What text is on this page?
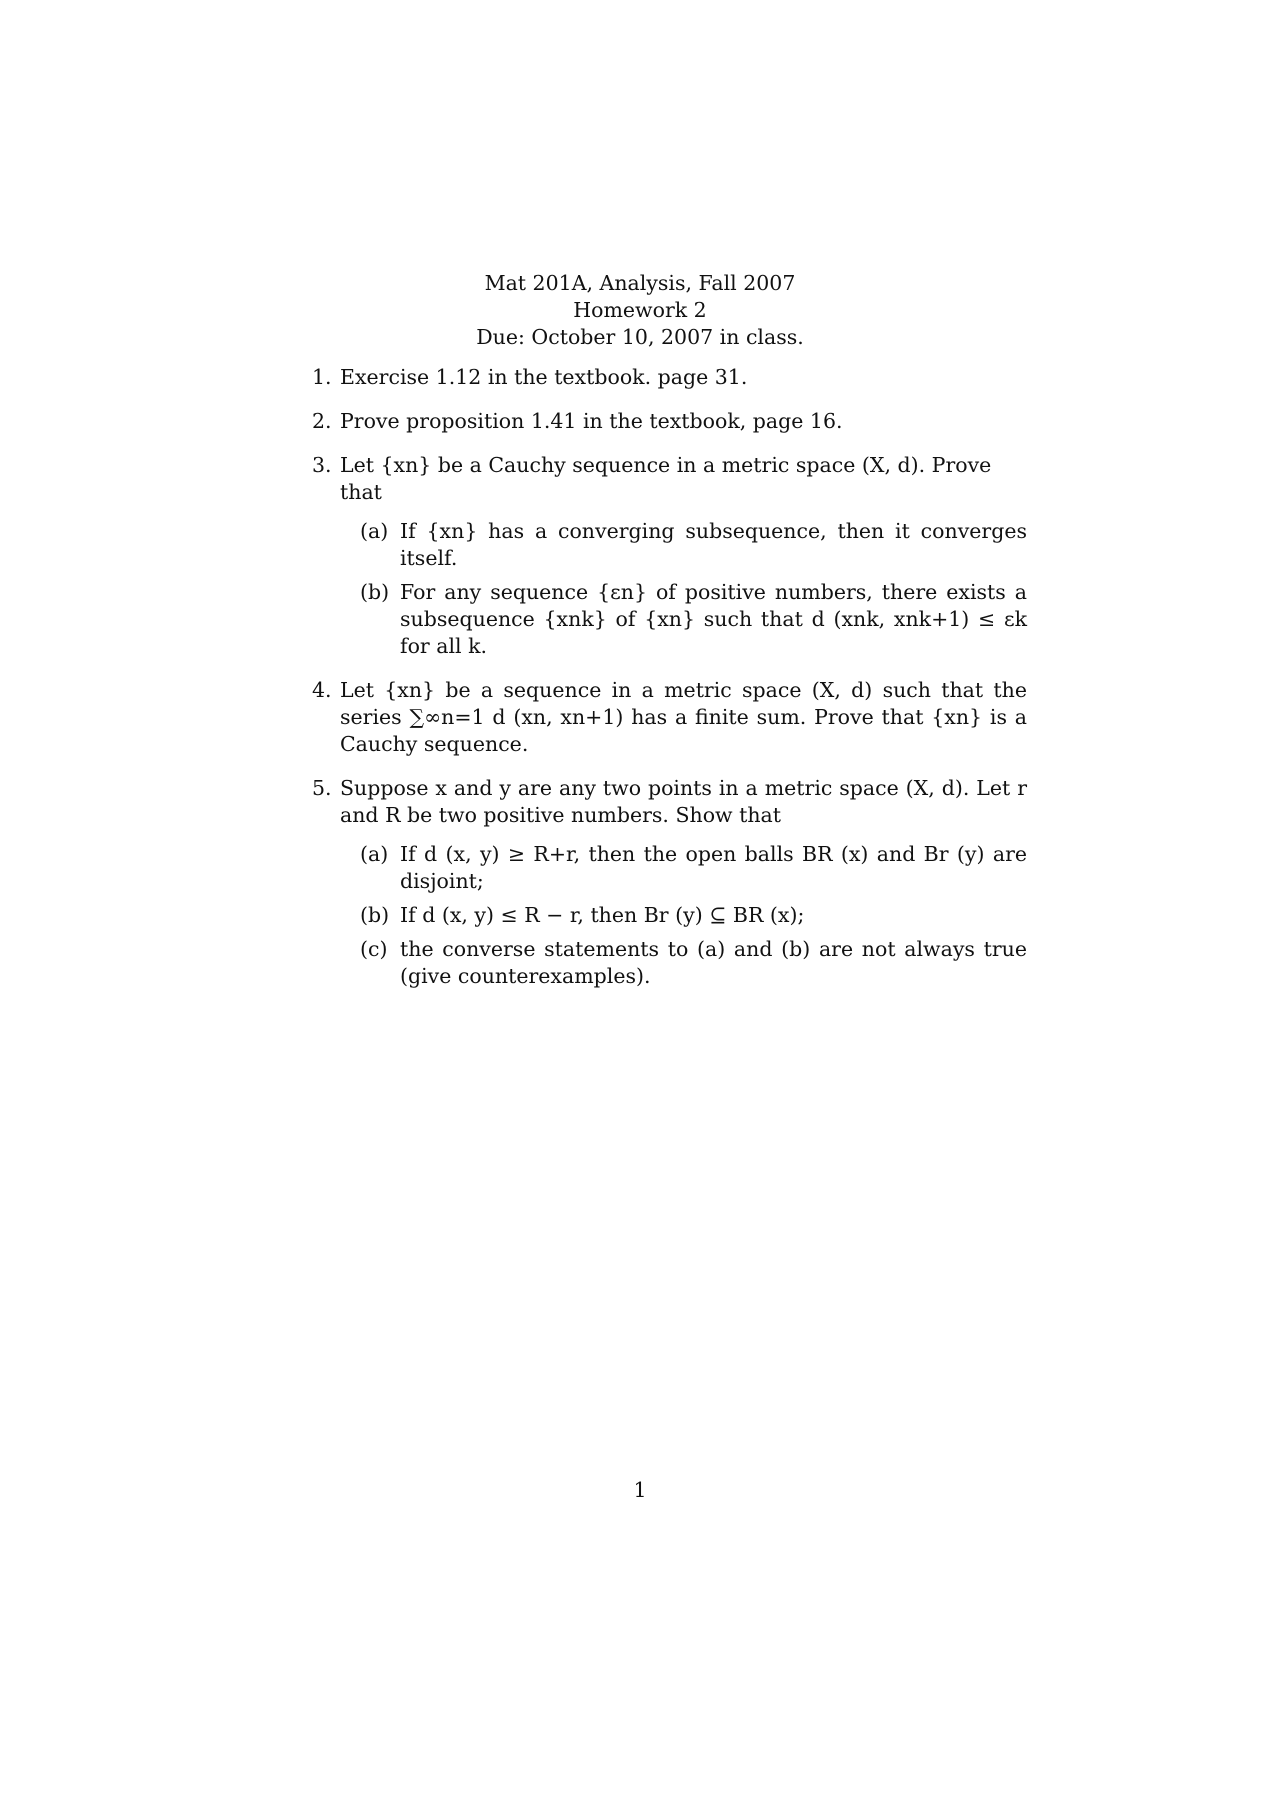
Mat 201A, Analysis, Fall 2007
Homework 2
Due: October 10, 2007 in class.
1. Exercise 1.12 in the textbook. page 31.
2. Prove proposition 1.41 in the textbook, page 16.
3. Let {xn} be a Cauchy sequence in a metric space (X, d). Prove that
(a) If {xn} has a converging subsequence, then it converges itself.
(b) For any sequence {εn} of positive numbers, there exists a subsequence {xnk} of {xn} such that d (xnk, xnk+1) ≤ εk for all k.
4. Let {xn} be a sequence in a metric space (X, d) such that the series ∑∞n=1 d (xn, xn+1) has a finite sum. Prove that {xn} is a Cauchy sequence.
5. Suppose x and y are any two points in a metric space (X, d). Let r and R be two positive numbers. Show that
(a) If d (x, y) ≥ R+r, then the open balls BR (x) and Br (y) are disjoint;
(b) If d (x, y) ≤ R − r, then Br (y) ⊆ BR (x);
(c) the converse statements to (a) and (b) are not always true (give counterexamples).
1
